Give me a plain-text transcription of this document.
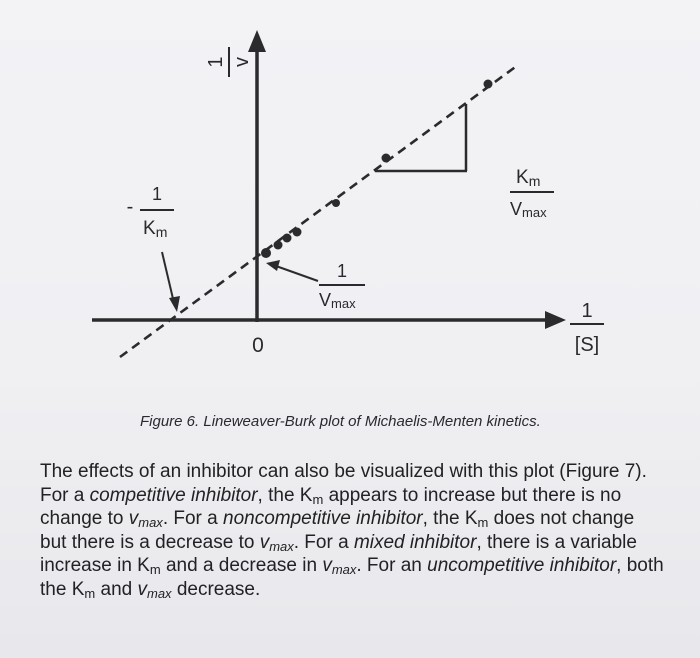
1 v
1
[S]
0
-
1
Km
1
Vmax
Km
Vmax
Figure 6. Lineweaver-Burk plot of Michaelis-Menten kinetics.
The effects of an inhibitor can also be visualized with this plot (Figure 7). For a competitive inhibitor, the $K_m$ appears to increase but there is no change to $v_{max}$. For a noncompetitive inhibitor, the $K_m$ does not change but there is a decrease to $v_{max}$. For a mixed inhibitor, there is a variable increase in $K_m$ and a decrease in $v_{max}$. For an uncompetitive inhibitor, both the $K_m$ and $v_{max}$ decrease.
